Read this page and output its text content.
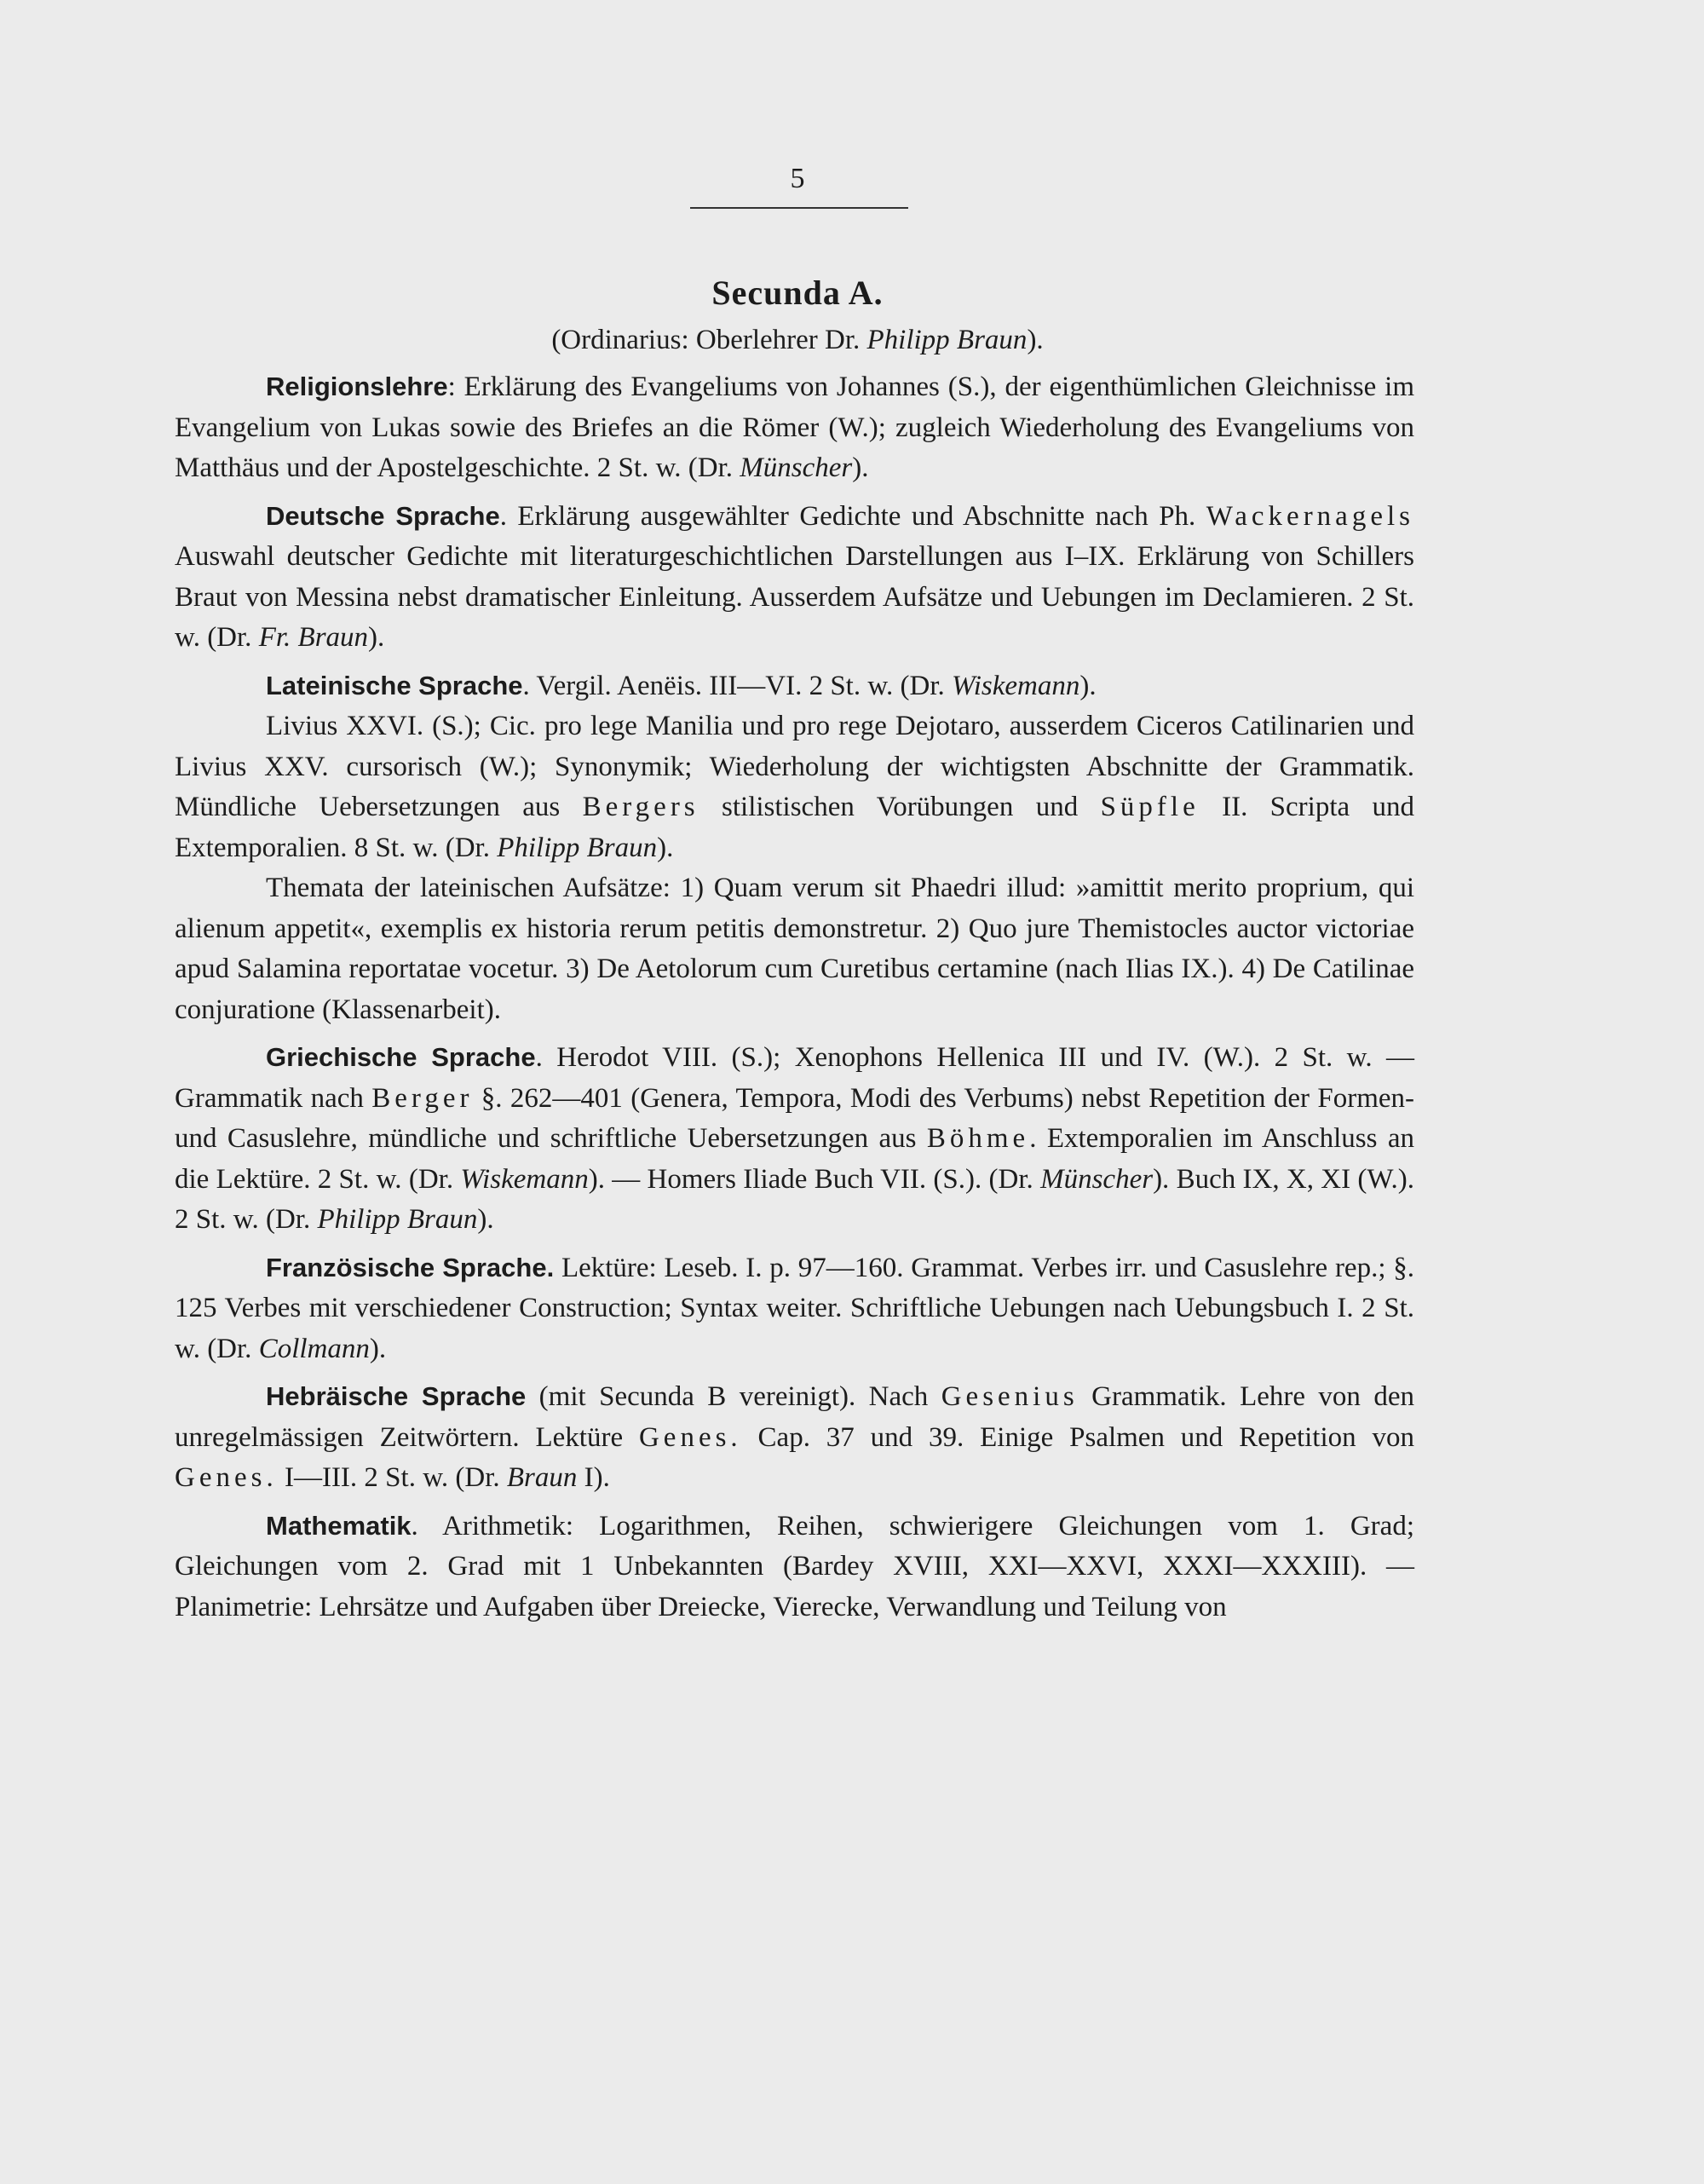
5
Secunda A.
(Ordinarius: Oberlehrer Dr. Philipp Braun).

Religionslehre: Erklärung des Evangeliums von Johannes (S.), der eigenthümlichen Gleichnisse im Evangelium von Lukas sowie des Briefes an die Römer (W.); zugleich Wiederholung des Evangeliums von Matthäus und der Apostelgeschichte. 2 St. w. (Dr. Münscher).

Deutsche Sprache. Erklärung ausgewählter Gedichte und Abschnitte nach Ph. Wackernagels Auswahl deutscher Gedichte mit literaturgeschichtlichen Darstellungen aus I–IX. Erklärung von Schillers Braut von Messina nebst dramatischer Einleitung. Ausserdem Aufsätze und Uebungen im Declamieren. 2 St. w. (Dr. Fr. Braun).

Lateinische Sprache. Vergil. Aenëis. III—VI. 2 St. w. (Dr. Wiskemann).

Livius XXVI. (S.); Cic. pro lege Manilia und pro rege Dejotaro, ausserdem Ciceros Catilinarien und Livius XXV. cursorisch (W.); Synonymik; Wiederholung der wichtigsten Abschnitte der Grammatik. Mündliche Uebersetzungen aus Bergers stilistischen Vorübungen und Süpfle II. Scripta und Extemporalien. 8 St. w. (Dr. Philipp Braun).

Themata der lateinischen Aufsätze: 1) Quam verum sit Phaedri illud: »amittit merito proprium, qui alienum appetit«, exemplis ex historia rerum petitis demonstretur. 2) Quo jure Themistocles auctor victoriae apud Salamina reportatae vocetur. 3) De Aetolorum cum Curetibus certamine (nach Ilias IX.). 4) De Catilinae conjuratione (Klassenarbeit).

Griechische Sprache. Herodot VIII. (S.); Xenophons Hellenica III und IV. (W.). 2 St. w. — Grammatik nach Berger §. 262—401 (Genera, Tempora, Modi des Verbums) nebst Repetition der Formen- und Casuslehre, mündliche und schriftliche Uebersetzungen aus Böhme. Extemporalien im Anschluss an die Lektüre. 2 St. w. (Dr. Wiskemann). — Homers Iliade Buch VII. (S.). (Dr. Münscher). Buch IX, X, XI (W.). 2 St. w. (Dr. Philipp Braun).

Französische Sprache. Lektüre: Leseb. I. p. 97—160. Grammat. Verbes irr. und Casuslehre rep.; §. 125 Verbes mit verschiedener Construction; Syntax weiter. Schriftliche Uebungen nach Uebungsbuch I. 2 St. w. (Dr. Collmann).

Hebräische Sprache (mit Secunda B vereinigt). Nach Gesenius Grammatik. Lehre von den unregelmässigen Zeitwörtern. Lektüre Genes. Cap. 37 und 39. Einige Psalmen und Repetition von Genes. I—III. 2 St. w. (Dr. Braun I).

Mathematik. Arithmetik: Logarithmen, Reihen, schwierigere Gleichungen vom 1. Grad; Gleichungen vom 2. Grad mit 1 Unbekannten (Bardey XVIII, XXI—XXVI, XXXI—XXXIII). — Planimetrie: Lehrsätze und Aufgaben über Dreiecke, Vierecke, Verwandlung und Teilung von
